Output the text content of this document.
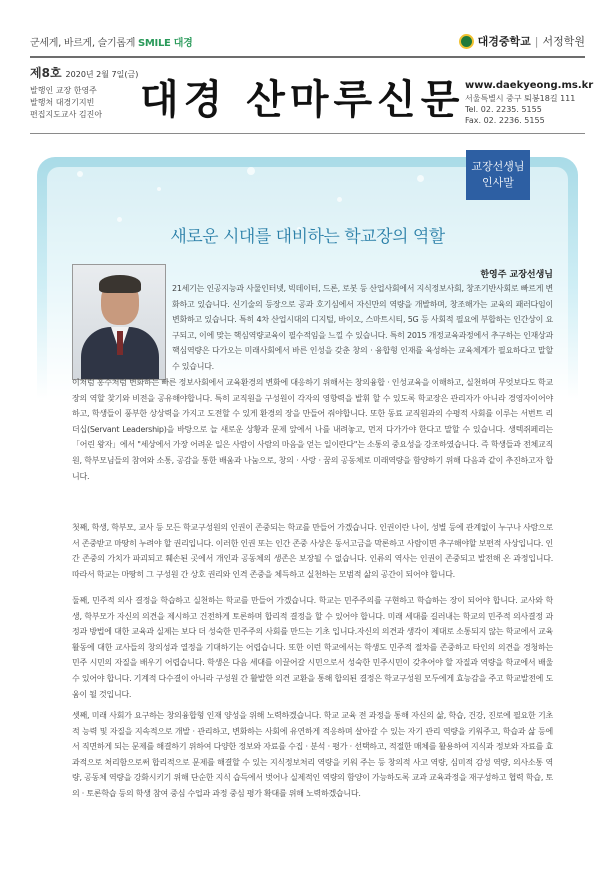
군세게, 바르게, 슬기롭게 SMILE 대경	대경중학교 | 서정학원
제8호 2020년 2월 7일(금)
발행인 교장 한영주
발행처 대경기지빈
편집지도교사 김진아 대경 산마루신문 www.daekyeong.ms.kr
서울특별시 중구 퇴봉18길 111
Tel. 02. 2235. 5155
Fax. 02. 2236. 5155
교장선생님
인사말
새로운 시대를 대비하는 학교장의 역할
한영주 교장선생님
21세기는 인공지능과 사물인터넷, 빅데이터, 드론, 로봇 등 산업사회에서 지식정보사회, 창조기반사회로 빠르게 변화하고 있습니다. 신기술의 등장으로 공과 호기심에서 자신만의 역량을 개발하며, 창조해가는 교육의 패러다임이 변화하고 있습니다. 특히 4차 산업시대의 디지털, 바이오, 스마트시티, 5G 등 사회적 필요에 부합하는 인간상이 요구되고, 이에 맞는 핵심역량교육이 필수적임을 느낄 수 있습니다. 특히 2015 개정교육과정에서 추구하는 인재상과 핵심역량은 다가오는 미래사회에서 바른 인성을 갖춘 창의 · 융합형 인재를 육성하는 교육체계가 필요하다고 말할 수 있습니다.
이처럼 홍수처럼 변화하는 빠른 정보사회에서 교육환경의 변화에 대응하기 위해서는 창의융합 · 인성교육을 이해하고, 실천하며 무엇보다도 학교장의 역할 찾기와 비전을 공유해야합니다. 특히 교직원을 구성원이 각자의 영향력을 발휘 할 수 있도록 학교장은 관리자가 아니라 경영자이어야 하고, 학생들이 풍부한 상상력을 가지고 도전할 수 있게 환경의 장을 만들어 줘야합니다. 또한 동료 교직원과의 수평적 사회를 이루는 서번트 리더십(Servant Leadership)을 바탕으로 늘 새로운 상황과 문제 앞에서 나를 내려놓고, 먼저 다가가야 한다고 말할 수 있습니다. 생텍쥐페리는 「어린 왕자」에서 "세상에서 가장 어려운 일은 사람이 사람의 마음을 얻는 일이란다"는 소통의 중요성을 강조하였습니다. 즉 학생들과 전체교직원, 학부모님들의 참여와 소통, 공감을 통한 배움과 나눔으로, 창의 · 사랑 · 꿈의 공동체로 미래역량을 함양하기 위해 다음과 같이 추진하고자 합니다.
첫째, 학생, 학부모, 교사 등 모든 학교구성원의 인권이 존중되는 학교를 만들어 가겠습니다. 인권이란 나이, 성별 등에 관계없이 누구나 사람으로서 존중받고 마땅히 누려야 할 권리입니다. 이러한 인권 또는 인간 존중 사상은 동서고금을 막론하고 사람이면 추구해야할 보편적 사상입니다. 인간 존중의 가치가 파괴되고 훼손된 곳에서 개인과 공동체의 생존은 보장될 수 없습니다. 인류의 역사는 인권이 존중되고 발전해 온 과정입니다. 따라서 학교는 마땅히 그 구성원 간 상호 권리와 인격 존중을 체득하고 실천하는 모범적 삶의 공간이 되어야 합니다.
둘째, 민주적 의사 결정을 학습하고 실천하는 학교를 만들어 가겠습니다. 학교는 민주주의를 구현하고 학습하는 장이 되어야 합니다. 교사와 학생, 학부모가 자신의 의견을 제시하고 건전하게 토론하며 합리적 결정을 할 수 있어야 합니다. 미래 세대를 길러내는 학교의 민주적 의사결정 과정과 방법에 대한 교육과 실제는 보다 더 성숙한 민주주의 사회를 만드는 기초 입니다.자신의 의견과 생각이 제대로 소통되지 않는 학교에서 교육활동에 대한 교사들의 창의성과 열정을 기대하기는 어렵습니다. 또한 이런 학교에서는 학생도 민주적 절차를 존중하고 타인의 의견을 경청하는 민주 시민의 자질을 배우기 어렵습니다. 학생은 다음 세대를 이끌어갈 시민으로서 성숙한 민주시민이 갖추어야 할 자질과 역량을 학교에서 배울 수 있어야 합니다. 기계적 다수결이 아니라 구성원 간 활발한 의견 교환을 통해 합의된 결정은 학교구성원 모두에게 효능감을 주고 학교발전에 도움이 될 것입니다.
셋째, 미래 사회가 요구하는 창의융합형 인재 양성을 위해 노력하겠습니다. 학교 교육 전 과정을 통해 자신의 삶, 학습, 건강, 진로에 필요한 기초적 능력 및 자질을 지속적으로 개발 · 관리하고, 변화하는 사회에 유연하게 적응하며 살아갈 수 있는 자기 관리 역량을 키워주고, 학습과 삶 등에서 직면하게 되는 문제를 해결하기 위하여 다양한 정보와 자료를 수집 · 분석 · 평가 · 선택하고, 적절한 매체를 활용하여 지식과 정보와 자료를 효과적으로 처리함으로써 합리적으로 문제를 해결할 수 있는 지식정보처리 역량을 키워 주는 등 창의적 사고 역량, 심미적 감성 역량, 의사소통 역량, 공동체 역량을 강화시키기 위해 단순한 지식 습득에서 벗어나 실제적인 역량의 함양이 가능하도록 교과 교육과정을 재구성하고 협력 학습, 토의 · 토론학습 등의 학생 참여 중심 수업과 과정 중심 평가 확대를 위해 노력하겠습니다.
